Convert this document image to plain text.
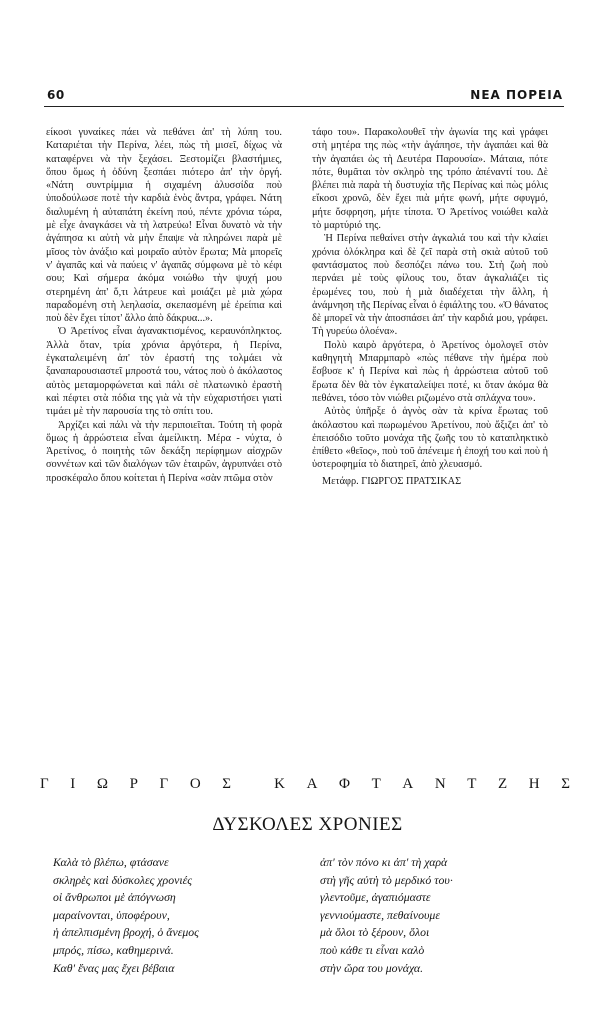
60	ΝΕΑ ΠΟΡΕΙΑ

είκοσι γυναίκες πάει νὰ πεθάνει ἀπ' τὴ λύπη του. Καταριέται τὴν Περίνα, λέει, πὼς τὴ μισεῖ, δίχως νὰ καταφέρνει νὰ τὴν ξεχάσει. Ξεστομίζει βλαστήμιες, ὅπου ὅμως ἡ ὀδύνη ξεσπάει πιότερο ἀπ' τὴν ὀργή. «Νάτη συντρίμμια ἡ σιχαμένη ἀλυσσίδα ποὺ ὑποδούλωσε ποτὲ τὴν καρδιὰ ἑνὸς ἄντρα, γράφει. Νάτη διαλυμένη ἡ αὐταπάτη ἐκείνη πού, πέντε χρόνια τώρα, μὲ εἶχε ἀναγκάσει νὰ τὴ λατρεύω! Εἶναι δυνατὸ νὰ τὴν ἀγάπησα κι αὐτὴ νὰ μὴν ἔπαψε νὰ πληρώνει παρὰ μὲ μῖσος τὸν ἀνάξιο καὶ μοιραῖο αὐτὸν ἔρωτα; Μὰ μπορεῖς ν' ἀγαπᾶς καὶ νὰ παύεις ν' ἀγαπᾶς σύμφωνα μὲ τὸ κέφι σου; Καὶ σήμερα ἀκόμα νοιώθω τὴν ψυχή μου στερημένη ἀπ' ὅ,τι λάτρευε καὶ μοιάζει μὲ μιὰ χώρα παραδομένη στὴ λεηλασία, σκεπασμένη μὲ ἐρείπια καὶ ποὺ δὲν ἔχει τίποτ' ἄλλο ἀπὸ δάκρυα...».

Ὁ Ἀρετίνος εἶναι ἀγανακτισμένος, κεραυνόπληκτος. Ἀλλὰ ὅταν, τρία χρόνια ἀργότερα, ἡ Περίνα, ἐγκαταλειμένη ἀπ' τὸν ἐραστή της τολμάει νὰ ξαναπαρουσιαστεῖ μπροστά του, νάτος ποὺ ὁ ἀκόλαστος αὐτὸς μεταμορφώνεται καὶ πάλι σὲ πλατωνικὸ ἐραστὴ καὶ πέφτει στὰ πόδια της γιὰ νὰ τὴν εὐχαριστήσει γιατὶ τιμάει μὲ τὴν παρουσία της τὸ σπίτι του.

Ἀρχίζει καὶ πάλι νὰ τὴν περιποιεῖται. Τούτη τὴ φορὰ ὅμως ἡ ἀρρώστεια εἶναι ἀμείλικτη. Μέρα - νύχτα, ὁ Ἀρετίνος, ὁ ποιητὴς τῶν δεκάξη περίφημων αἰσχρῶν σοννέτων καὶ τῶν διαλόγων τῶν ἑταιρῶν, ἀγρυπνάει στὸ προσκέφαλο ὅπου κοίτεται ἡ Περίνα «σὰν πτῶμα στὸν

τάφο του». Παρακολουθεῖ τὴν ἀγωνία της καὶ γράφει στὴ μητέρα της πὼς «τὴν ἀγάπησε, τὴν ἀγαπάει καὶ θὰ τὴν ἀγαπάει ὡς τὴ Δευτέρα Παρουσία». Μάταια, πότε πότε, θυμᾶται τὸν σκληρὸ της τρόπο ἀπέναντί του. Δὲ βλέπει πιὰ παρὰ τὴ δυστυχία τῆς Περίνας καὶ πὼς μόλις εἴκοσι χρονῶ, δὲν ἔχει πιὰ μήτε φωνή, μήτε σφυγμό, μήτε ὄσφρηση, μήτε τίποτα. Ὁ Ἀρετίνος νοιώθει καλὰ τὸ μαρτύριό της.

Ἡ Περίνα πεθαίνει στὴν ἀγκαλιά του καὶ τὴν κλαίει χρόνια ὁλόκληρα καὶ δὲ ζεῖ παρὰ στὴ σκιὰ αὐτοῦ τοῦ φαντάσματος ποὺ δεσπόζει πάνω του. Στὴ ζωὴ ποὺ περνάει μὲ τοὺς φίλους του, ὅταν ἀγκαλιάζει τὶς ἐρωμένες του, ποὺ ἡ μιὰ διαδέχεται τὴν ἄλλη, ἡ ἀνάμνηση τῆς Περίνας εἶναι ὁ ἐφιάλτης του. «Ὁ θάνατος δὲ μπορεῖ νὰ τὴν ἀποσπάσει ἀπ' τὴν καρδιά μου, γράφει. Τὴ γυρεύω ὁλοένα».

Πολὺ καιρὸ ἀργότερα, ὁ Ἀρετίνος ὁμολογεῖ στὸν καθηγητὴ Μπαρμπαρὸ «πὼς πέθανε τὴν ἡμέρα ποὺ ἔσβυσε κ' ἡ Περίνα καὶ πὼς ἡ ἀρρώστεια αὐτοῦ τοῦ ἔρωτα δὲν θὰ τὸν ἐγκαταλείψει ποτέ, κι ὅταν ἀκόμα θὰ πεθάνει, τόσο τὸν νιώθει ριζωμένο στὰ σπλάχνα του».

Αὐτὸς ὑπῆρξε ὁ ἁγνὸς σὰν τὰ κρίνα ἔρωτας τοῦ ἀκόλαστου καὶ πωρωμένου Ἀρετίνου, ποὺ ἄξιζει ἀπ' τὸ ἐπεισόδιο τοῦτο μονάχα τῆς ζωῆς του τὸ καταπληκτικὸ ἐπίθετο «θεῖος», ποὺ τοῦ ἀπένειμε ἡ ἐποχή του καὶ ποὺ ἡ ὑστεροφημία τὸ διατηρεῖ, ἀπὸ χλευασμό.

Μετάφρ. ΓΙΩΡΓΟΣ ΠΡΑΤΣΙΚΑΣ

Γ Ι Ω Ρ Γ Ο Σ	Κ Α Φ Τ Α Ν Τ Ζ Η Σ
ΔΥΣΚΟΛΕΣ ΧΡΟΝΙΕΣ
Καλὰ τὸ βλέπω, φτάσανε
σκληρὲς καὶ δύσκολες χρονιές
οἱ ἄνθρωποι μὲ ἀπόγνωση
μαραίνονται, ὑποφέρουν,
ἡ ἀπελπισμένη βροχή, ὁ ἄνεμος
μπρός, πίσω, καθημερινά.
Καθ' ἕνας μας ἔχει βέβαια
ἀπ' τὸν πόνο κι ἀπ' τὴ χαρὰ
στὴ γῆς αὐτὴ τὸ μερδικό του·
γλεντοῦμε, ἀγαπιόμαστε
γεννιούμαστε, πεθαίνουμε
μὰ ὅλοι τὸ ξέρουν, ὅλοι
ποὺ κάθε τι εἶναι καλὸ
στὴν ὥρα του μονάχα.
